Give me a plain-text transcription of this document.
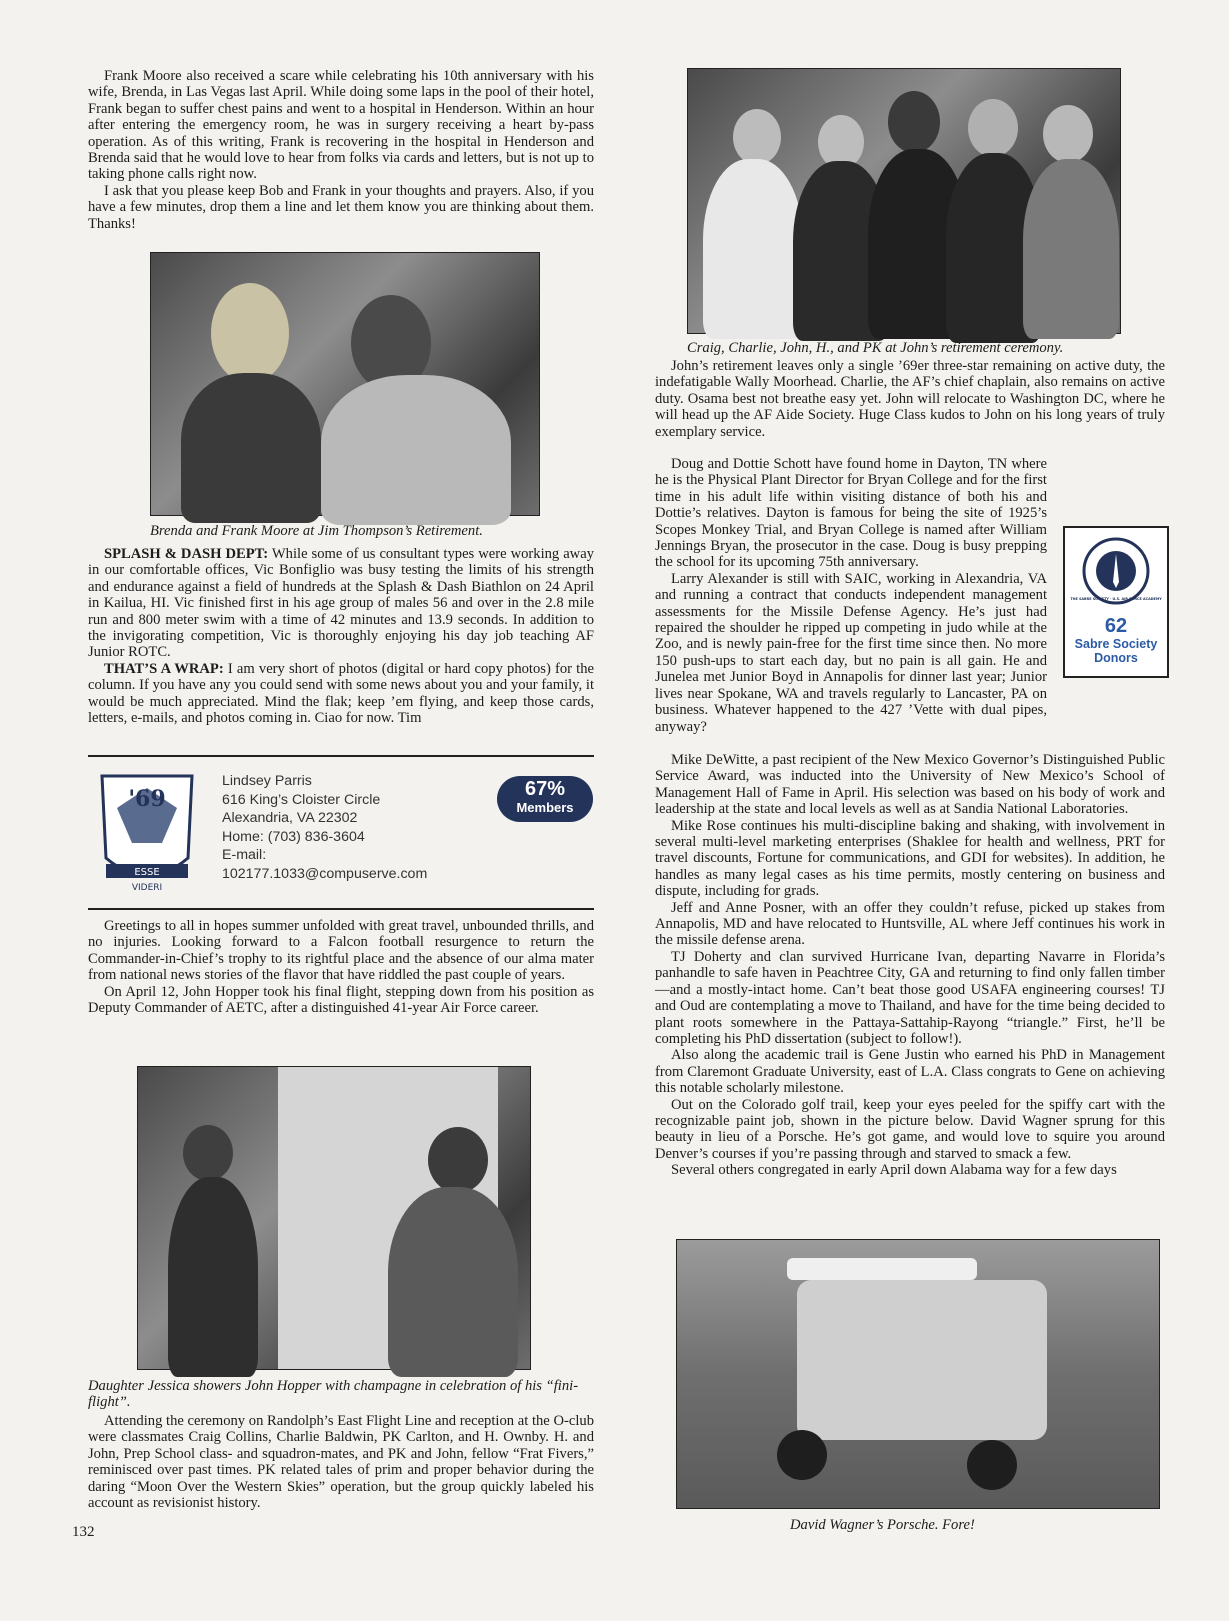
Frank Moore also received a scare while celebrating his 10th anniversary with his wife, Brenda, in Las Vegas last April. While doing some laps in the pool of their hotel, Frank began to suffer chest pains and went to a hospital in Henderson. Within an hour after entering the emergency room, he was in surgery receiving a heart by-pass operation. As of this writing, Frank is recovering in the hospital in Henderson and Brenda said that he would love to hear from folks via cards and letters, but is not up to taking phone calls right now.

I ask that you please keep Bob and Frank in your thoughts and prayers. Also, if you have a few minutes, drop them a line and let them know you are thinking about them. Thanks!

Brenda and Frank Moore at Jim Thompson’s Retirement.

SPLASH & DASH DEPT: While some of us consultant types were working away in our comfortable offices, Vic Bonfiglio was busy testing the limits of his strength and endurance against a field of hundreds at the Splash & Dash Biathlon on 24 April in Kailua, HI. Vic finished first in his age group of males 56 and over in the 2.8 mile run and 800 meter swim with a time of 42 minutes and 13.9 seconds. In addition to the invigorating competition, Vic is thoroughly enjoying his day job teaching AF Junior ROTC.

THAT’S A WRAP: I am very short of photos (digital or hard copy photos) for the column. If you have any you could send with some news about you and your family, it would be much appreciated. Mind the flak; keep ’em flying, and keep those cards, letters, e-mails, and photos coming in. Ciao for now. Tim

'69
ESSE
VIDERI
Lindsey Parris
616 King’s Cloister Circle
Alexandria, VA 22302
Home: (703) 836-3604
E-mail:
102177.1033@compuserve.com
67%
Members

Greetings to all in hopes summer unfolded with great travel, unbounded thrills, and no injuries. Looking forward to a Falcon football resurgence to return the Commander-in-Chief’s trophy to its rightful place and the absence of our alma mater from national news stories of the flavor that have riddled the past couple of years.

On April 12, John Hopper took his final flight, stepping down from his position as Deputy Commander of AETC, after a distinguished 41-year Air Force career.

Daughter Jessica showers John Hopper with champagne in celebration of his “fini-flight”.

Attending the ceremony on Randolph’s East Flight Line and reception at the O-club were classmates Craig Collins, Charlie Baldwin, PK Carlton, and H. Ownby. H. and John, Prep School class- and squadron-mates, and PK and John, fellow “Frat Fivers,” reminisced over past times. PK related tales of prim and proper behavior during the daring “Moon Over the Western Skies” operation, but the group quickly labeled his account as revisionist history.

132
Craig, Charlie, John, H., and PK at John’s retirement ceremony.

John’s retirement leaves only a single ’69er three-star remaining on active duty, the indefatigable Wally Moorhead. Charlie, the AF’s chief chaplain, also remains on active duty. Osama best not breathe easy yet. John will relocate to Washington DC, where he will head up the AF Aide Society. Huge Class kudos to John on his long years of truly exemplary service.

Doug and Dottie Schott have found home in Dayton, TN where he is the Physical Plant Director for Bryan College and for the first time in his adult life within visiting distance of both his and Dottie’s relatives. Dayton is famous for being the site of 1925’s Scopes Monkey Trial, and Bryan College is named after William Jennings Bryan, the prosecutor in the case. Doug is busy prepping the school for its upcoming 75th anniversary.

Larry Alexander is still with SAIC, working in Alexandria, VA and running a contract that conducts independent management assessments for the Missile Defense Agency. He’s just had repaired the shoulder he ripped up competing in judo while at the Zoo, and is newly pain-free for the first time since then. No more 150 push-ups to start each day, but no pain is all gain. He and Junelea met Junior Boyd in Annapolis for dinner last year; Junior lives near Spokane, WA and travels regularly to Lancaster, PA on business. Whatever happened to the 427 ’Vette with dual pipes, anyway?

THE SABRE SOCIETY · U.S. AIR FORCE ACADEMY
62
Sabre Society
Donors

Mike DeWitte, a past recipient of the New Mexico Governor’s Distinguished Public Service Award, was inducted into the University of New Mexico’s School of Management Hall of Fame in April. His selection was based on his body of work and leadership at the state and local levels as well as at Sandia National Laboratories.

Mike Rose continues his multi-discipline baking and shaking, with involvement in several multi-level marketing enterprises (Shaklee for health and wellness, PRT for travel discounts, Fortune for communications, and GDI for websites). In addition, he handles as many legal cases as his time permits, mostly centering on business and dispute, including for grads.

Jeff and Anne Posner, with an offer they couldn’t refuse, picked up stakes from Annapolis, MD and have relocated to Huntsville, AL where Jeff continues his work in the missile defense arena.

TJ Doherty and clan survived Hurricane Ivan, departing Navarre in Florida’s panhandle to safe haven in Peachtree City, GA and returning to find only fallen timber—and a mostly-intact home. Can’t beat those good USAFA engineering courses! TJ and Oud are contemplating a move to Thailand, and have for the time being decided to plant roots somewhere in the Pattaya-Sattahip-Rayong “triangle.” First, he’ll be completing his PhD dissertation (subject to follow!).

Also along the academic trail is Gene Justin who earned his PhD in Management from Claremont Graduate University, east of L.A. Class congrats to Gene on achieving this notable scholarly milestone.

Out on the Colorado golf trail, keep your eyes peeled for the spiffy cart with the recognizable paint job, shown in the picture below. David Wagner sprung for this beauty in lieu of a Porsche. He’s got game, and would love to squire you around Denver’s courses if you’re passing through and starved to smack a few.

Several others congregated in early April down Alabama way for a few days

David Wagner’s Porsche. Fore!
